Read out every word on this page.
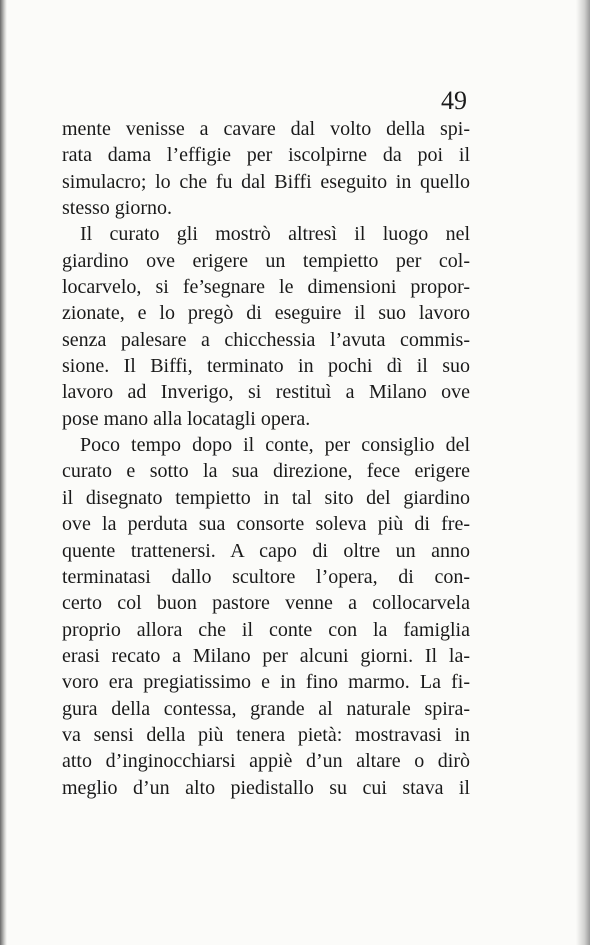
49
mente venisse a cavare dal volto della spi-
rata dama l’effigie per iscolpirne da poi il
simulacro; lo che fu dal Biffi eseguito in quello
stesso giorno.
Il curato gli mostrò altresì il luogo nel
giardino ove erigere un tempietto per col-
locarvelo, si fe’segnare le dimensioni propor-
zionate, e lo pregò di eseguire il suo lavoro
senza palesare a chicchessia l’avuta commis-
sione. Il Biffi, terminato in pochi dì il suo
lavoro ad Inverigo, si restituì a Milano ove
pose mano alla locatagli opera.
Poco tempo dopo il conte, per consiglio del
curato e sotto la sua direzione, fece erigere
il disegnato tempietto in tal sito del giardino
ove la perduta sua consorte soleva più di fre-
quente trattenersi. A capo di oltre un anno
terminatasi dallo scultore l’opera, di con-
certo col buon pastore venne a collocarvela
proprio allora che il conte con la famiglia
erasi recato a Milano per alcuni giorni. Il la-
voro era pregiatissimo e in fino marmo. La fi-
gura della contessa, grande al naturale spira-
va sensi della più tenera pietà: mostravasi in
atto d’inginocchiarsi appiè d’un altare o dirò
meglio d’un alto piedistallo su cui stava il
